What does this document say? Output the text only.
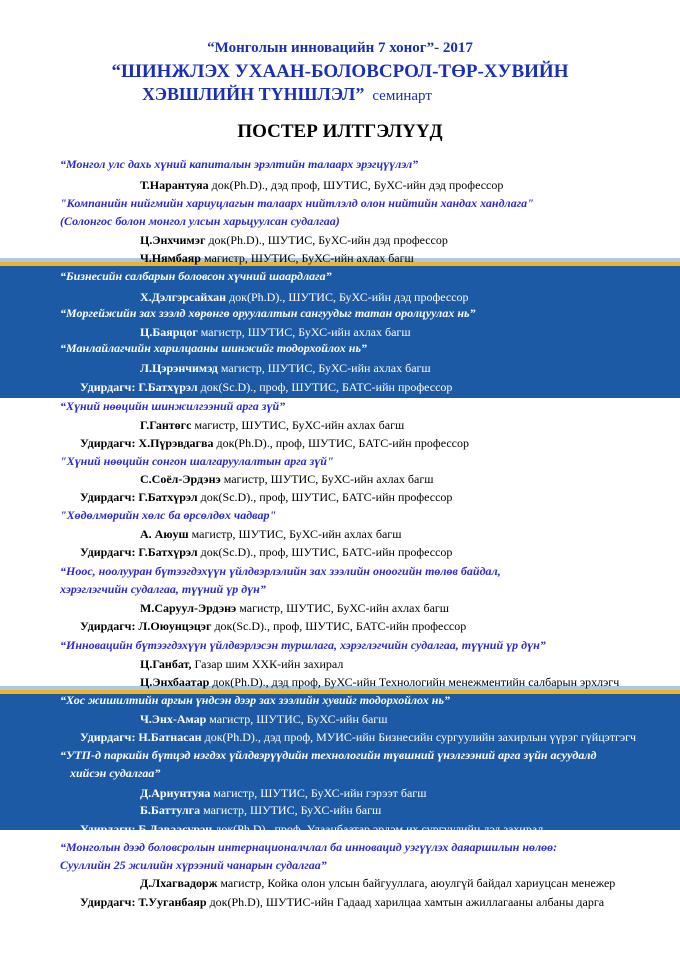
“Монголын инновацийн 7 хоног”- 2017
“ШИНЖЛЭХ УХААН-БОЛОВСРОЛ-ТӨР-ХУВИЙН
ХЭВШЛИЙН ТҮНШЛЭЛ” семинарт
ПОСТЕР ИЛТГЭЛҮҮД
“Монгол улс дахь хүний капиталын эрэлтийн талаарх эрэгцүүлэл”
Т.Нарантуяа док(Ph.D)., дэд проф, ШУТИС, БуХС-ийн дэд профессор
"Компанийн нийгмийн хариуцлагын талаарх нийтлэлд олон нийтийн хандах хандлага"
(Солонгос болон монгол улсын харьцуулсан судалгаа)
Ц.Энхчимэг док(Ph.D)., ШУТИС, БуХС-ийн дэд профессор
Ч.Нямбаяр магистр, ШУТИС, БуХС-ийн ахлах багш
“Бизнесийн салбарын боловсон хүчний шаардлага”
Х.Дэлгэрсайхан док(Ph.D)., ШУТИС, БуХС-ийн дэд профессор
“Моргейжийн зах зээлд хөрөнгө оруулалтын сангуудыг татан оролцуулах нь”
Ц.Баярцог магистр, ШУТИС, БуХС-ийн ахлах багш
“Манлайлагчийн харилцааны шинжийг тодорхойлох нь”
Л.Цэрэнчимэд магистр, ШУТИС, БуХС-ийн ахлах багш
Удирдагч: Г.Батхүрэл док(Sc.D)., проф, ШУТИС, БАТС-ийн профессор
“Хүний нөөцийн шинжилгээний арга зүй”
Г.Гантөгс магистр, ШУТИС, БуХС-ийн ахлах багш
Удирдагч: Х.Пүрэвдагва док(Ph.D)., проф, ШУТИС, БАТС-ийн профессор
"Хүний нөөцийн сонгон шалгаруулалтын арга зүй"
С.Соёл-Эрдэнэ магистр, ШУТИС, БуХС-ийн ахлах багш
Удирдагч: Г.Батхүрэл док(Sc.D)., проф, ШУТИС, БАТС-ийн профессор
"Хөдөлмөрийн хөлс ба өрсөлдөх чадвар"
А. Аюуш магистр, ШУТИС, БуХС-ийн ахлах багш
Удирдагч: Г.Батхүрэл док(Sc.D)., проф, ШУТИС, БАТС-ийн профессор
“Ноос, ноолууран бүтээгдэхүүн үйлдвэрлэлийн зах зээлийн оноогийн төлөв байдал,
хэрэглэгчийн судалгаа, түүний үр дүн”
М.Саруул-Эрдэнэ магистр, ШУТИС, БуХС-ийн ахлах багш
Удирдагч: Л.Оюунцэцэг док(Sc.D)., проф, ШУТИС, БАТС-ийн профессор
“Инновацийн бүтээгдэхүүн үйлдвэрлэсэн туршлага, хэрэглэгчийн судалгаа, түүний үр дүн”
Ц.Ганбат, Газар шим ХХК-ийн захирал
Ц.Энхбаатар док(Ph.D)., дэд проф, БуХС-ийн Технологийн менежментийн салбарын эрхлэгч
“Хос жишилтийн аргын үндсэн дээр зах зээлийн хувийг тодорхойлох нь”
Ч.Энх-Амар магистр, ШУТИС, БуХС-ийн багш
Удирдагч: Н.Батнасан док(Ph.D)., дэд проф, МУИС-ийн Бизнесийн сургуулийн захирлын үүрэг гүйцэтгэгч
“УТП-д паркийн бүтцэд нэгдэх үйлдвэрүүдийн технологийн түвшний үнэлгээний арга зүйн асуудалд
хийсэн судалгаа”
Д.Ариунтуяа магистр, ШУТИС, БуХС-ийн гэрээт багш
Б.Баттулга магистр, ШУТИС, БуХС-ийн багш
Удирдагч: Б.Даваасүрэн док(Ph.D)., проф, Улаанбаатар эрдэм их сургуулийн дэд захирал
“Монголын дээд боловсролын интернационалчлал ба инновацид уэгүүлэх даяаршилын нөлөө:
Сууллийн 25 жилийн хүрээний чанарын судалгаа”
Д.Лхагвадорж магистр, Койка олон улсын байгууллага, аюулгүй байдал хариуцсан менежер
Удирдагч: Т.Ууганбаяр док(Ph.D), ШУТИС-ийн Гадаад харилцаа хамтын ажиллагааны албаны дарга
